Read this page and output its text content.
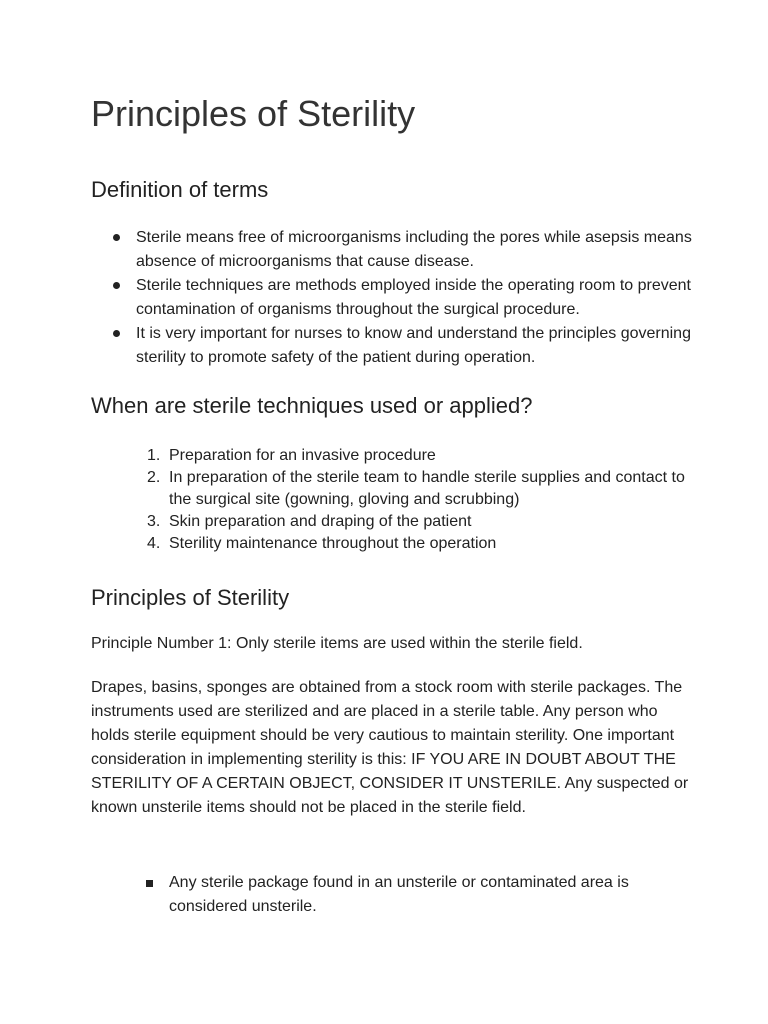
Principles of Sterility
Definition of terms
Sterile means free of microorganisms including the pores while asepsis means absence of microorganisms that cause disease.
Sterile techniques are methods employed inside the operating room to prevent contamination of organisms throughout the surgical procedure.
It is very important for nurses to know and understand the principles governing sterility to promote safety of the patient during operation.
When are sterile techniques used or applied?
1. Preparation for an invasive procedure
2. In preparation of the sterile team to handle sterile supplies and contact to the surgical site (gowning, gloving and scrubbing)
3. Skin preparation and draping of the patient
4. Sterility maintenance throughout the operation
Principles of Sterility

Principle Number 1: Only sterile items are used within the sterile field.

Drapes, basins, sponges are obtained from a stock room with sterile packages. The instruments used are sterilized and are placed in a sterile table. Any person who holds sterile equipment should be very cautious to maintain sterility. One important consideration in implementing sterility is this: IF YOU ARE IN DOUBT ABOUT THE STERILITY OF A CERTAIN OBJECT, CONSIDER IT UNSTERILE. Any suspected or known unsterile items should not be placed in the sterile field.

Any sterile package found in an unsterile or contaminated area is considered unsterile.
